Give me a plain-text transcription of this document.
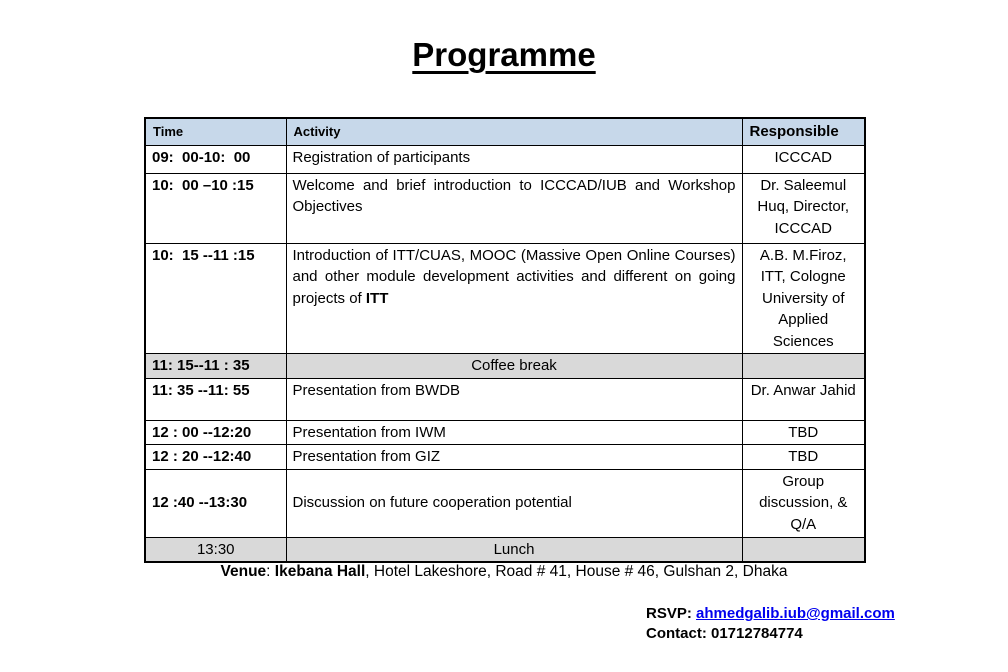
Programme
Time	Activity	Responsible
09:  00-10:  00	Registration of participants	ICCCAD
10:  00 –10 :15	Welcome and brief introduction to ICCCAD/IUB and Workshop Objectives	Dr. Saleemul Huq, Director, ICCCAD
10:  15 --11 :15	Introduction of ITT/CUAS, MOOC (Massive Open Online Courses) and other module development activities and different on going projects of ITT	A.B. M.Firoz, ITT, Cologne University of Applied Sciences
11: 15--11 : 35	Coffee break	
11: 35 --11: 55	Presentation from BWDB	Dr. Anwar Jahid
12 : 00 --12:20	Presentation from IWM	TBD
12 : 20 --12:40	Presentation from GIZ	TBD
12 :40 --13:30	Discussion on future cooperation potential	Group discussion, & Q/A
13:30	Lunch	
Venue: Ikebana Hall, Hotel Lakeshore, Road # 41, House # 46, Gulshan 2, Dhaka
RSVP: ahmedgalib.iub@gmail.com
Contact: 01712784774
